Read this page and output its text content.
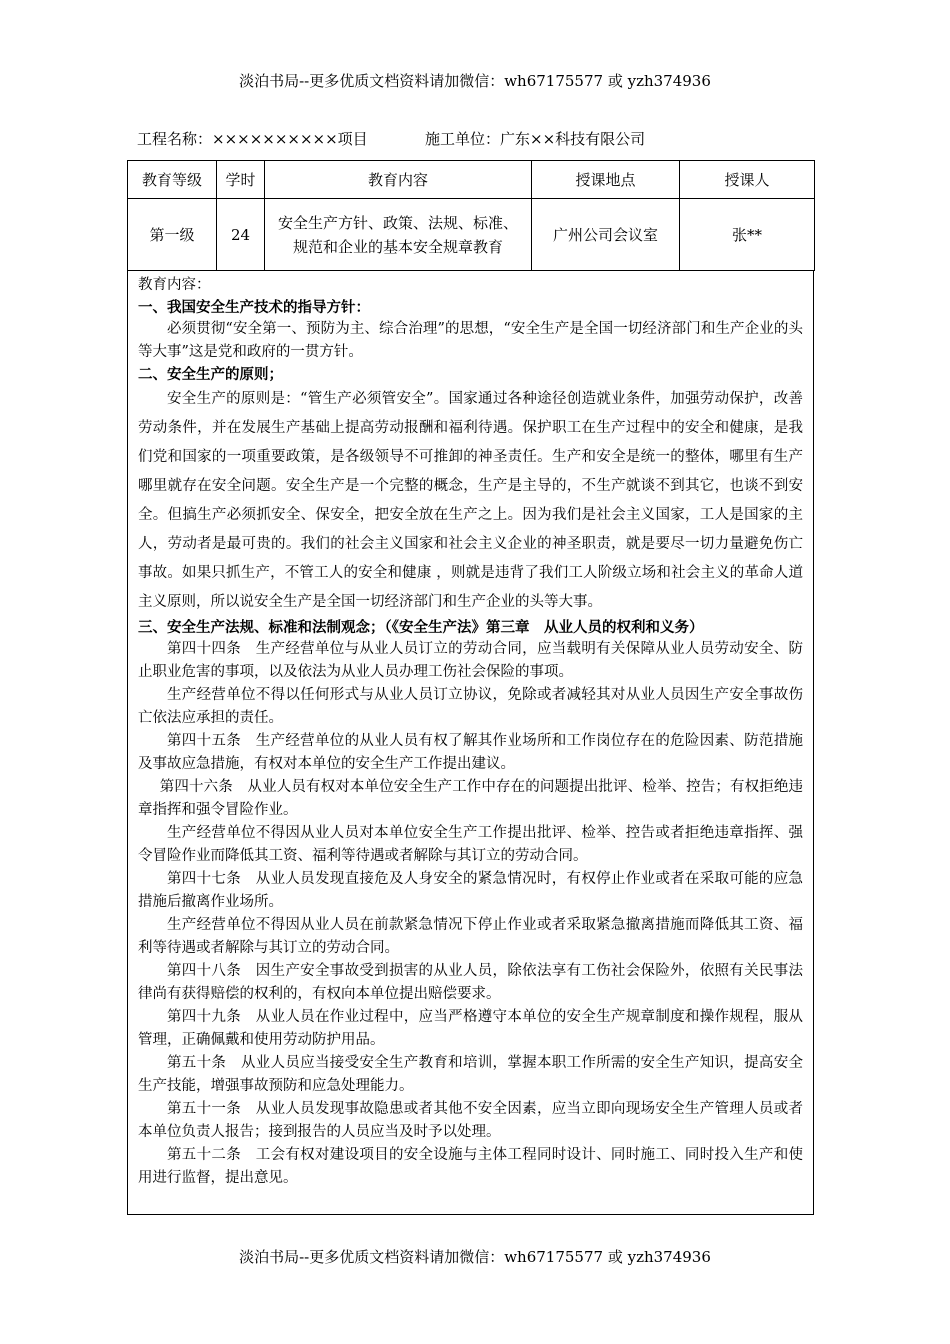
淡泊书局--更多优质文档资料请加微信：wh67175577 或 yzh374936
工程名称：××××××××××项目	施工单位：广东××科技有限公司
教育等级	学时	教育内容	授课地点	授课人
第一级	24	安全生产方针、政策、法规、标准、规范和企业的基本安全规章教育	广州公司会议室	张**

教育内容：

一、我国安全生产技术的指导方针：

必须贯彻“安全第一、预防为主、综合治理”的思想，“安全生产是全国一切经济部门和生产企业的头等大事”这是党和政府的一贯方针。

二、安全生产的原则；

安全生产的原则是：“管生产必须管安全”。国家通过各种途径创造就业条件，加强劳动保护，改善劳动条件，并在发展生产基础上提高劳动报酬和福利待遇。保护职工在生产过程中的安全和健康，是我们党和国家的一项重要政策，是各级领导不可推卸的神圣责任。生产和安全是统一的整体，哪里有生产哪里就存在安全问题。安全生产是一个完整的概念，生产是主导的，不生产就谈不到其它，也谈不到安全。但搞生产必须抓安全、保安全，把安全放在生产之上。因为我们是社会主义国家，工人是国家的主人，劳动者是最可贵的。我们的社会主义国家和社会主义企业的神圣职责，就是要尽一切力量避免伤亡事故。如果只抓生产，不管工人的安全和健康 ，则就是违背了我们工人阶级立场和社会主义的革命人道主义原则，所以说安全生产是全国一切经济部门和生产企业的头等大事。

三、安全生产法规、标准和法制观念；（《安全生产法》第三章　从业人员的权利和义务）

第四十四条　生产经营单位与从业人员订立的劳动合同，应当载明有关保障从业人员劳动安全、防止职业危害的事项，以及依法为从业人员办理工伤社会保险的事项。

生产经营单位不得以任何形式与从业人员订立协议，免除或者减轻其对从业人员因生产安全事故伤亡依法应承担的责任。

第四十五条　生产经营单位的从业人员有权了解其作业场所和工作岗位存在的危险因素、防范措施及事故应急措施，有权对本单位的安全生产工作提出建议。

第四十六条　从业人员有权对本单位安全生产工作中存在的问题提出批评、检举、控告；有权拒绝违章指挥和强令冒险作业。

生产经营单位不得因从业人员对本单位安全生产工作提出批评、检举、控告或者拒绝违章指挥、强令冒险作业而降低其工资、福利等待遇或者解除与其订立的劳动合同。

第四十七条　从业人员发现直接危及人身安全的紧急情况时，有权停止作业或者在采取可能的应急措施后撤离作业场所。

生产经营单位不得因从业人员在前款紧急情况下停止作业或者采取紧急撤离措施而降低其工资、福利等待遇或者解除与其订立的劳动合同。

第四十八条　因生产安全事故受到损害的从业人员，除依法享有工伤社会保险外，依照有关民事法律尚有获得赔偿的权利的，有权向本单位提出赔偿要求。

第四十九条　从业人员在作业过程中，应当严格遵守本单位的安全生产规章制度和操作规程，服从管理，正确佩戴和使用劳动防护用品。

第五十条　从业人员应当接受安全生产教育和培训，掌握本职工作所需的安全生产知识，提高安全生产技能，增强事故预防和应急处理能力。

第五十一条　从业人员发现事故隐患或者其他不安全因素，应当立即向现场安全生产管理人员或者本单位负责人报告；接到报告的人员应当及时予以处理。

第五十二条　工会有权对建设项目的安全设施与主体工程同时设计、同时施工、同时投入生产和使用进行监督，提出意见。

淡泊书局--更多优质文档资料请加微信：wh67175577 或 yzh374936
